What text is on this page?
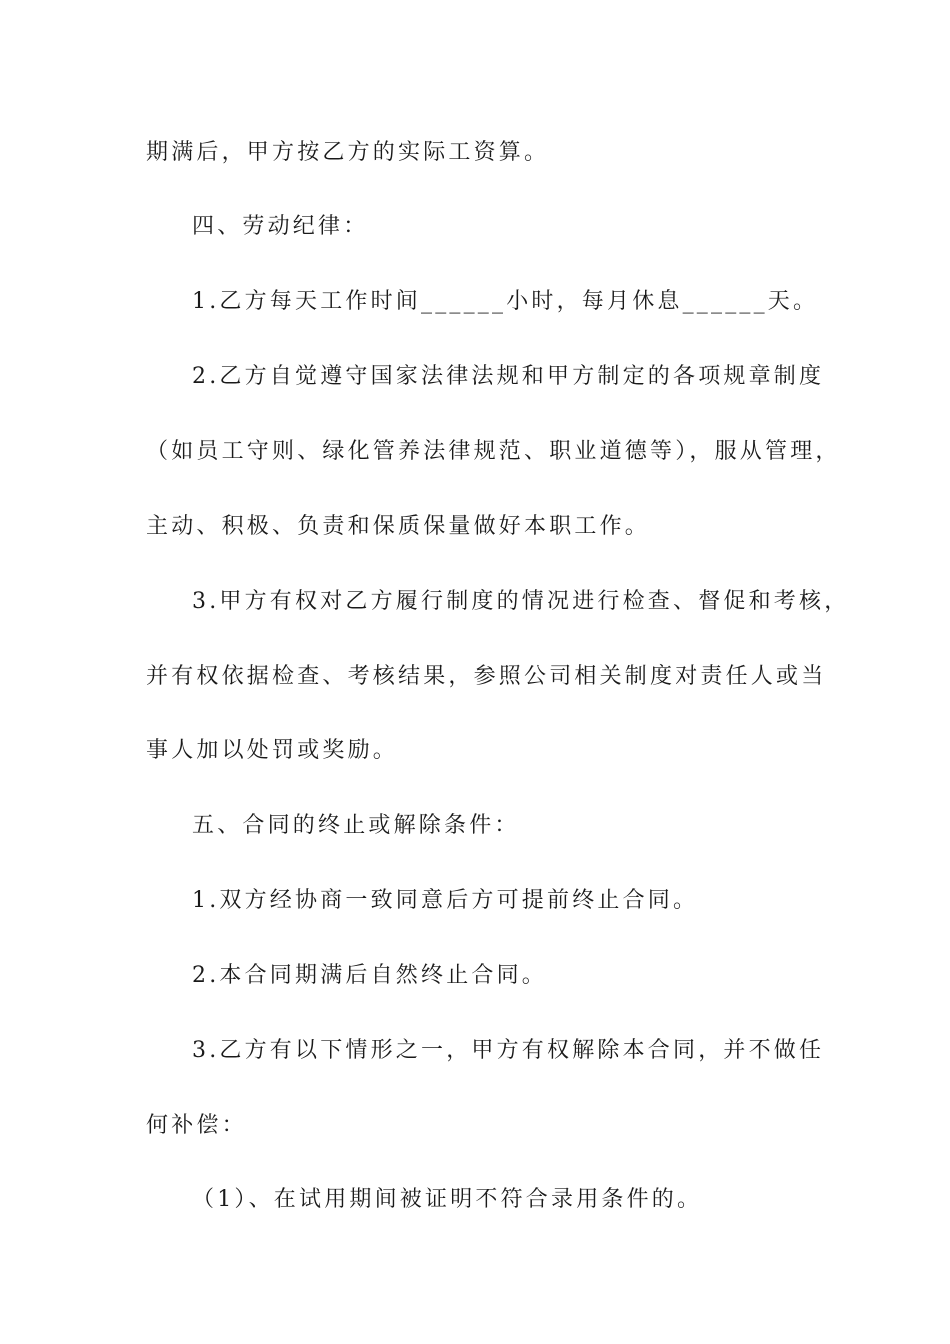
期满后，甲方按乙方的实际工资算。
四、劳动纪律：
1.乙方每天工作时间______小时，每月休息______天。
2.乙方自觉遵守国家法律法规和甲方制定的各项规章制度
（如员工守则、绿化管养法律规范、职业道德等），服从管理，
主动、积极、负责和保质保量做好本职工作。
3.甲方有权对乙方履行制度的情况进行检查、督促和考核，
并有权依据检查、考核结果，参照公司相关制度对责任人或当
事人加以处罚或奖励。
五、合同的终止或解除条件：
1.双方经协商一致同意后方可提前终止合同。
2.本合同期满后自然终止合同。
3.乙方有以下情形之一，甲方有权解除本合同，并不做任
何补偿：
（1）、在试用期间被证明不符合录用条件的。
